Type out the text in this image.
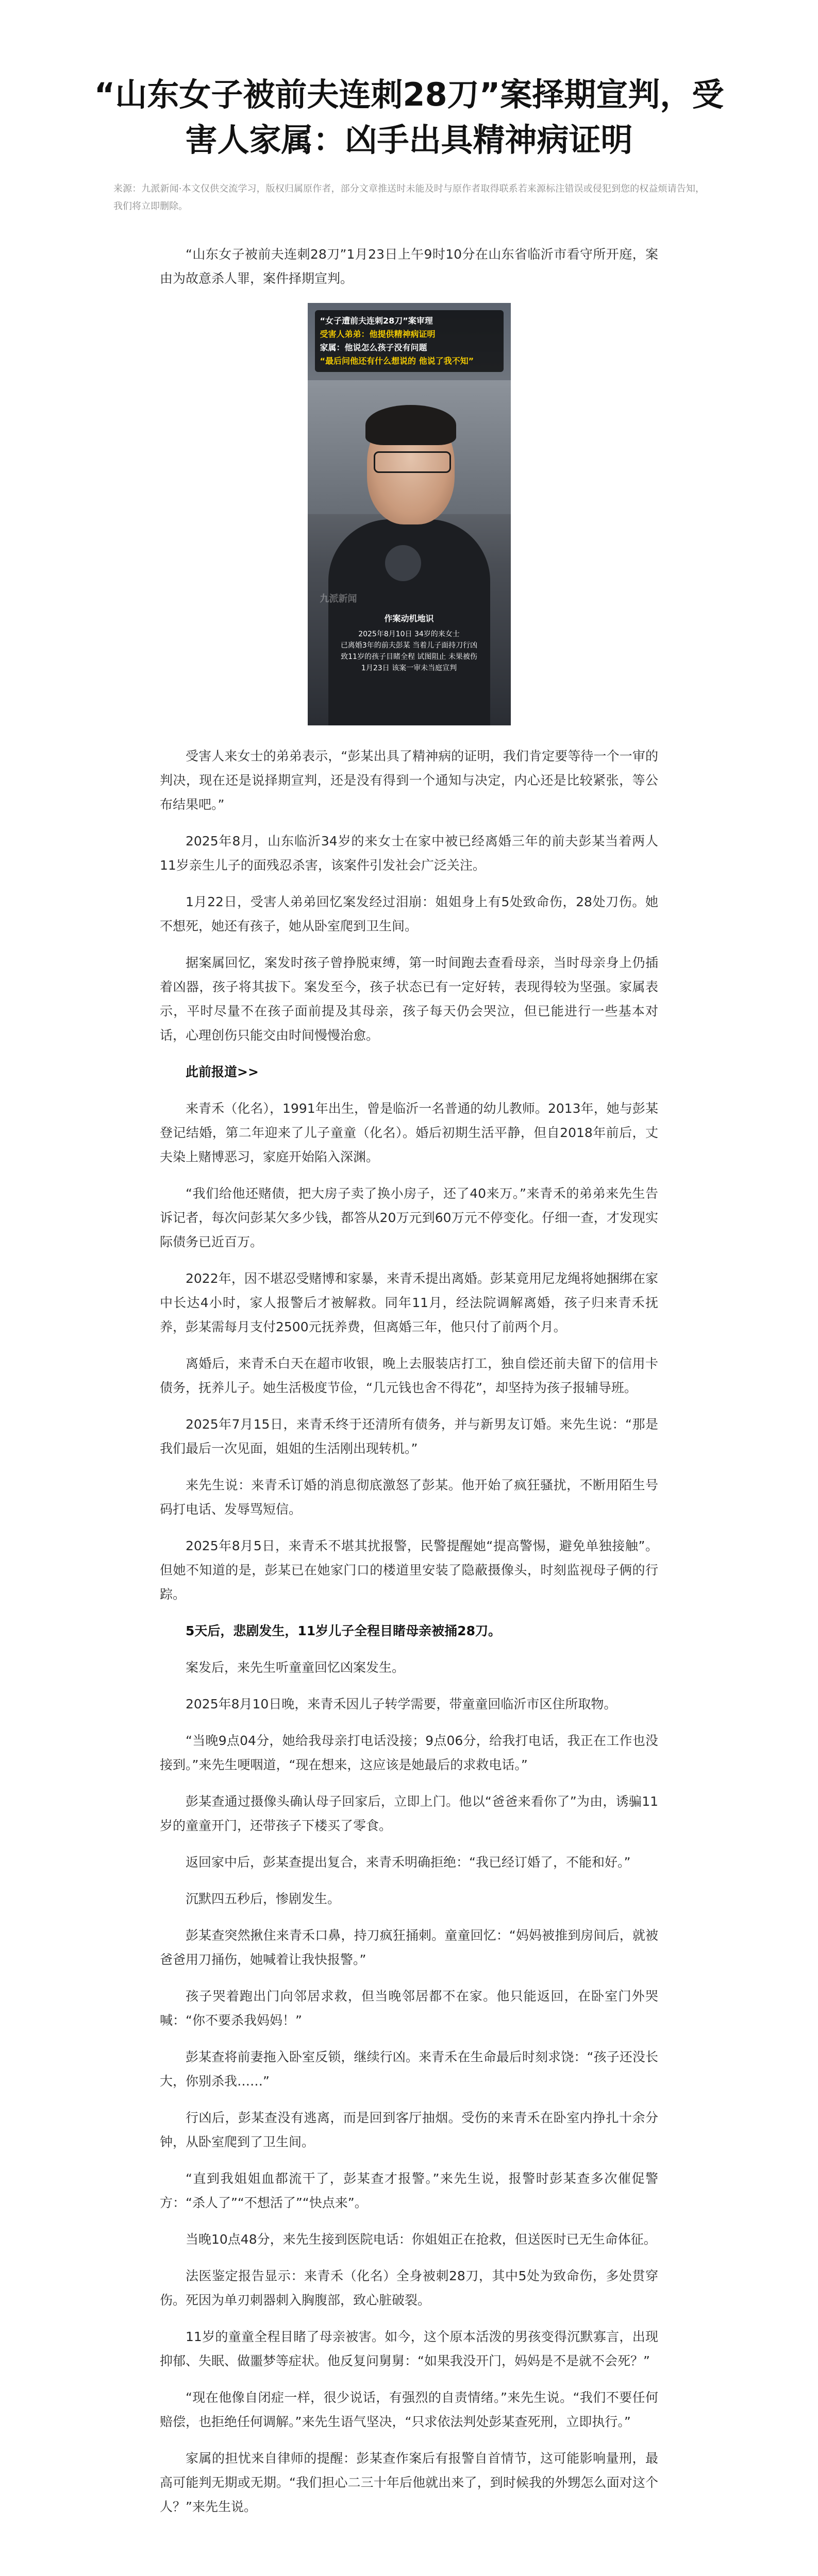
“山东女子被前夫连刺28刀”案择期宣判，受害人家属：凶手出具精神病证明

来源：九派新闻·本文仅供交流学习，版权归属原作者，部分文章推送时未能及时与原作者取得联系若来源标注错误或侵犯到您的权益烦请告知，我们将立即删除。

“山东女子被前夫连刺28刀”1月23日上午9时10分在山东省临沂市看守所开庭，案由为故意杀人罪，案件择期宣判。

“女子遭前夫连刺28刀”案审理
受害人弟弟：他提供精神病证明
家属：他说怎么孩子没有问题
“最后问他还有什么想说的 他说了我不知”
九派新闻
作案动机地识
2025年8月10日 34岁的来女士
已离婚3年的前夫彭某 当着儿子面持刀行凶
致11岁的孩子目睹全程 试图阻止 未果被伤
1月23日 该案一审未当庭宣判

受害人来女士的弟弟表示，“彭某出具了精神病的证明，我们肯定要等待一个一审的判决，现在还是说择期宣判，还是没有得到一个通知与决定，内心还是比较紧张，等公布结果吧。”

2025年8月，山东临沂34岁的来女士在家中被已经离婚三年的前夫彭某当着两人11岁亲生儿子的面残忍杀害，该案件引发社会广泛关注。

1月22日，受害人弟弟回忆案发经过泪崩：姐姐身上有5处致命伤，28处刀伤。她不想死，她还有孩子，她从卧室爬到卫生间。

据案属回忆，案发时孩子曾挣脱束缚，第一时间跑去查看母亲，当时母亲身上仍插着凶器，孩子将其拔下。案发至今，孩子状态已有一定好转，表现得较为坚强。家属表示，平时尽量不在孩子面前提及其母亲，孩子每天仍会哭泣，但已能进行一些基本对话，心理创伤只能交由时间慢慢治愈。

此前报道>>

来青禾（化名），1991年出生，曾是临沂一名普通的幼儿教师。2013年，她与彭某登记结婚，第二年迎来了儿子童童（化名）。婚后初期生活平静，但自2018年前后，丈夫染上赌博恶习，家庭开始陷入深渊。

“我们给他还赌债，把大房子卖了换小房子，还了40来万。”来青禾的弟弟来先生告诉记者，每次问彭某欠多少钱，都答从20万元到60万元不停变化。仔细一查，才发现实际债务已近百万。

2022年，因不堪忍受赌博和家暴，来青禾提出离婚。彭某竟用尼龙绳将她捆绑在家中长达4小时，家人报警后才被解救。同年11月，经法院调解离婚，孩子归来青禾抚养，彭某需每月支付2500元抚养费，但离婚三年，他只付了前两个月。

离婚后，来青禾白天在超市收银，晚上去服装店打工，独自偿还前夫留下的信用卡债务，抚养儿子。她生活极度节俭，“几元钱也舍不得花”，却坚持为孩子报辅导班。

2025年7月15日，来青禾终于还清所有债务，并与新男友订婚。来先生说：“那是我们最后一次见面，姐姐的生活刚出现转机。”

来先生说：来青禾订婚的消息彻底激怒了彭某。他开始了疯狂骚扰，不断用陌生号码打电话、发辱骂短信。

2025年8月5日，来青禾不堪其扰报警，民警提醒她“提高警惕，避免单独接触”。但她不知道的是，彭某已在她家门口的楼道里安装了隐蔽摄像头，时刻监视母子俩的行踪。

5天后，悲剧发生，11岁儿子全程目睹母亲被捅28刀。

案发后，来先生听童童回忆凶案发生。

2025年8月10日晚，来青禾因儿子转学需要，带童童回临沂市区住所取物。

“当晚9点04分，她给我母亲打电话没接；9点06分，给我打电话，我正在工作也没接到。”来先生哽咽道，“现在想来，这应该是她最后的求救电话。”

彭某查通过摄像头确认母子回家后，立即上门。他以“爸爸来看你了”为由，诱骗11岁的童童开门，还带孩子下楼买了零食。

返回家中后，彭某查提出复合，来青禾明确拒绝：“我已经订婚了，不能和好。”

沉默四五秒后，惨剧发生。

彭某查突然揪住来青禾口鼻，持刀疯狂捅刺。童童回忆：“妈妈被推到房间后，就被爸爸用刀捅伤，她喊着让我快报警。”

孩子哭着跑出门向邻居求救，但当晚邻居都不在家。他只能返回，在卧室门外哭喊：“你不要杀我妈妈！”

彭某查将前妻拖入卧室反锁，继续行凶。来青禾在生命最后时刻求饶：“孩子还没长大，你别杀我……”

行凶后，彭某查没有逃离，而是回到客厅抽烟。受伤的来青禾在卧室内挣扎十余分钟，从卧室爬到了卫生间。

“直到我姐姐血都流干了，彭某查才报警。”来先生说，报警时彭某查多次催促警方：“杀人了”“不想活了”“快点来”。

当晚10点48分，来先生接到医院电话：你姐姐正在抢救，但送医时已无生命体征。

法医鉴定报告显示：来青禾（化名）全身被刺28刀，其中5处为致命伤，多处贯穿伤。死因为单刃刺器刺入胸腹部，致心脏破裂。

11岁的童童全程目睹了母亲被害。如今，这个原本活泼的男孩变得沉默寡言，出现抑郁、失眠、做噩梦等症状。他反复问舅舅：“如果我没开门，妈妈是不是就不会死？”

“现在他像自闭症一样，很少说话，有强烈的自责情绪。”来先生说。“我们不要任何赔偿，也拒绝任何调解。”来先生语气坚决，“只求依法判处彭某查死刑，立即执行。”

家属的担忧来自律师的提醒：彭某查作案后有报警自首情节，这可能影响量刑，最高可能判无期或无期。“我们担心二三十年后他就出来了，到时候我的外甥怎么面对这个人？”来先生说。
